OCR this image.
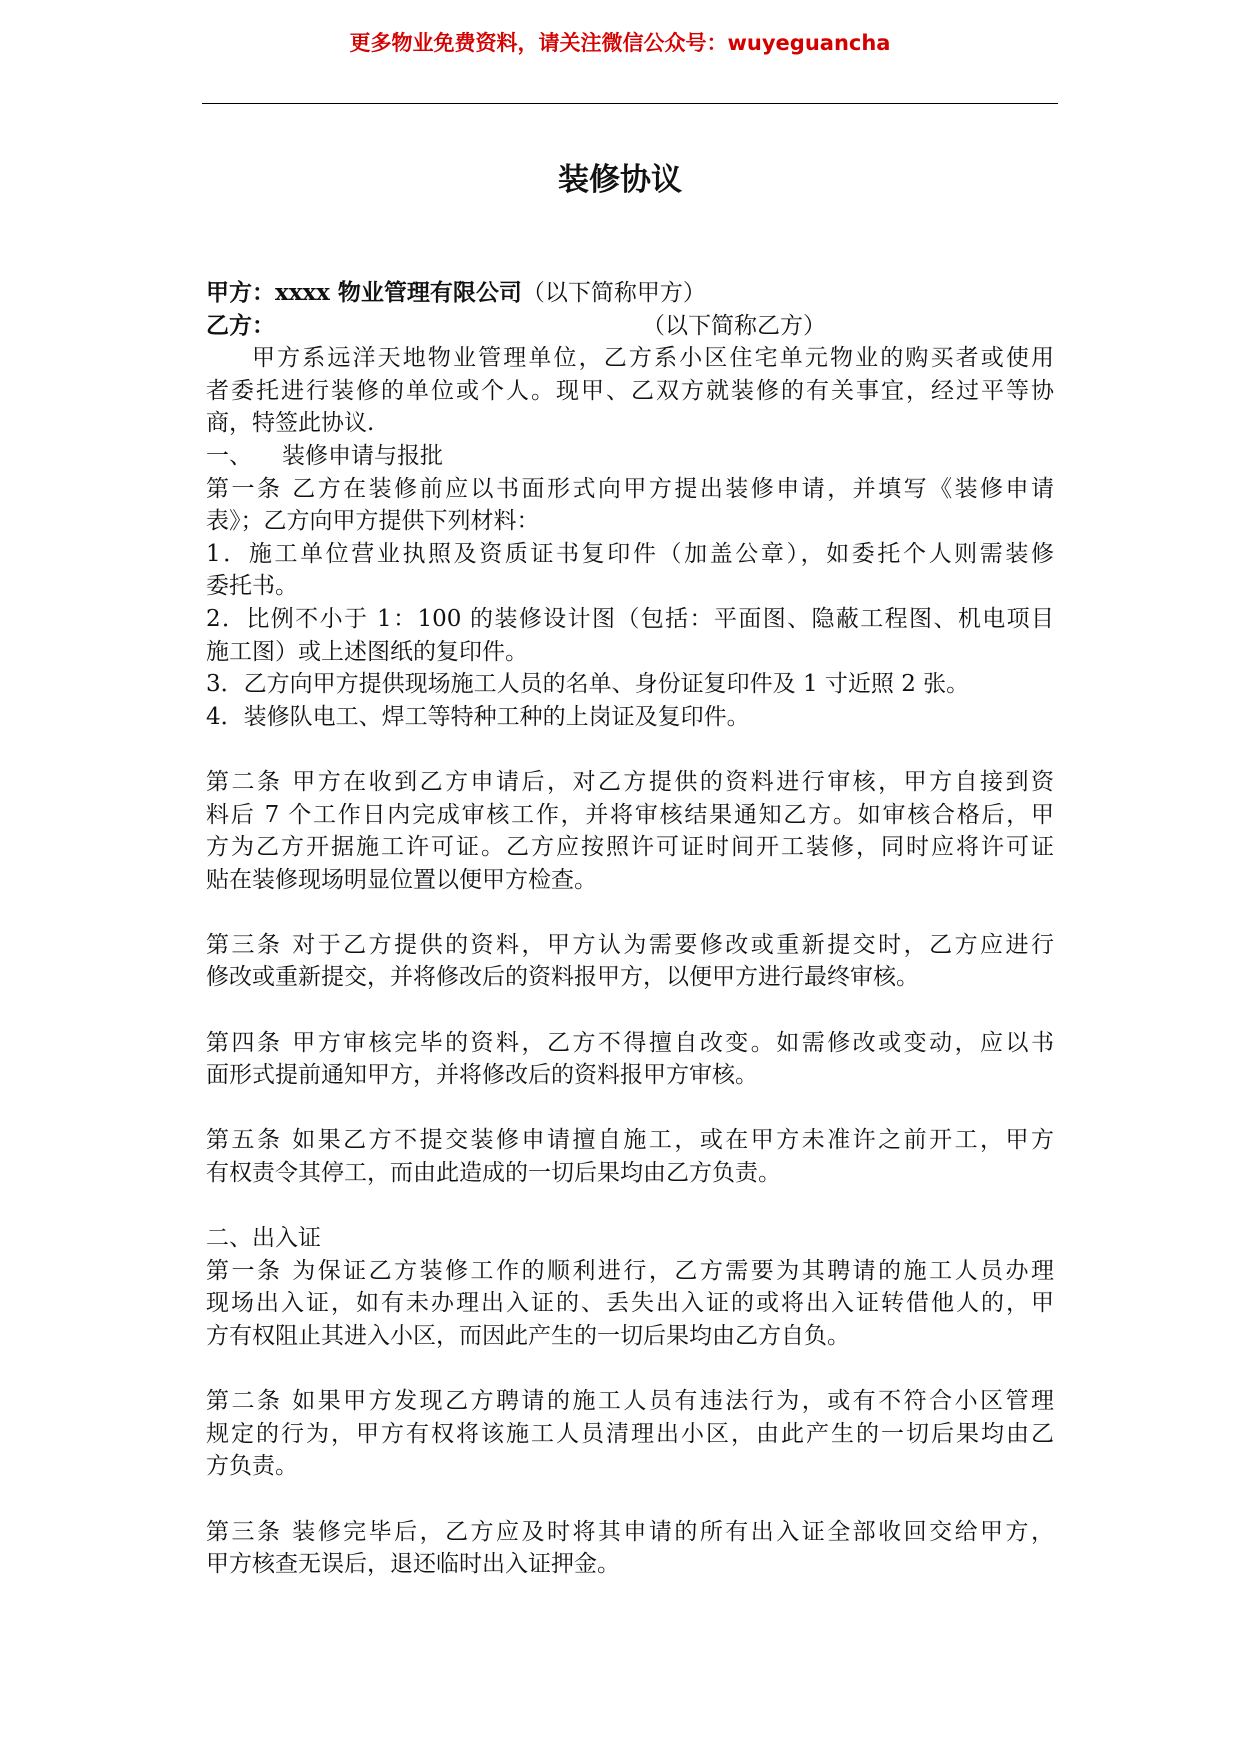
更多物业免费资料，请关注微信公众号：wuyeguancha
装修协议
甲方：xxxx 物业管理有限公司（以下简称甲方）
乙方：	（以下简称乙方）
甲方系远洋天地物业管理单位，乙方系小区住宅单元物业的购买者或使用
者委托进行装修的单位或个人。现甲、乙双方就装修的有关事宜，经过平等协
商，特签此协议.
一、 装修申请与报批
第一条 乙方在装修前应以书面形式向甲方提出装修申请，并填写《装修申请
表》；乙方向甲方提供下列材料：
1．施工单位营业执照及资质证书复印件（加盖公章），如委托个人则需装修
委托书。
2．比例不小于 1：100 的装修设计图（包括：平面图、隐蔽工程图、机电项目
施工图）或上述图纸的复印件。
3．乙方向甲方提供现场施工人员的名单、身份证复印件及 1 寸近照 2 张。
4．装修队电工、焊工等特种工种的上岗证及复印件。
第二条 甲方在收到乙方申请后，对乙方提供的资料进行审核，甲方自接到资
料后 7 个工作日内完成审核工作，并将审核结果通知乙方。如审核合格后，甲
方为乙方开据施工许可证。乙方应按照许可证时间开工装修，同时应将许可证
贴在装修现场明显位置以便甲方检查。
第三条 对于乙方提供的资料，甲方认为需要修改或重新提交时，乙方应进行
修改或重新提交，并将修改后的资料报甲方，以便甲方进行最终审核。
第四条 甲方审核完毕的资料，乙方不得擅自改变。如需修改或变动，应以书
面形式提前通知甲方，并将修改后的资料报甲方审核。
第五条 如果乙方不提交装修申请擅自施工，或在甲方未准许之前开工，甲方
有权责令其停工，而由此造成的一切后果均由乙方负责。
二、出入证
第一条 为保证乙方装修工作的顺利进行，乙方需要为其聘请的施工人员办理
现场出入证，如有未办理出入证的、丢失出入证的或将出入证转借他人的，甲
方有权阻止其进入小区，而因此产生的一切后果均由乙方自负。
第二条 如果甲方发现乙方聘请的施工人员有违法行为，或有不符合小区管理
规定的行为，甲方有权将该施工人员清理出小区，由此产生的一切后果均由乙
方负责。
第三条 装修完毕后，乙方应及时将其申请的所有出入证全部收回交给甲方，
甲方核查无误后，退还临时出入证押金。
